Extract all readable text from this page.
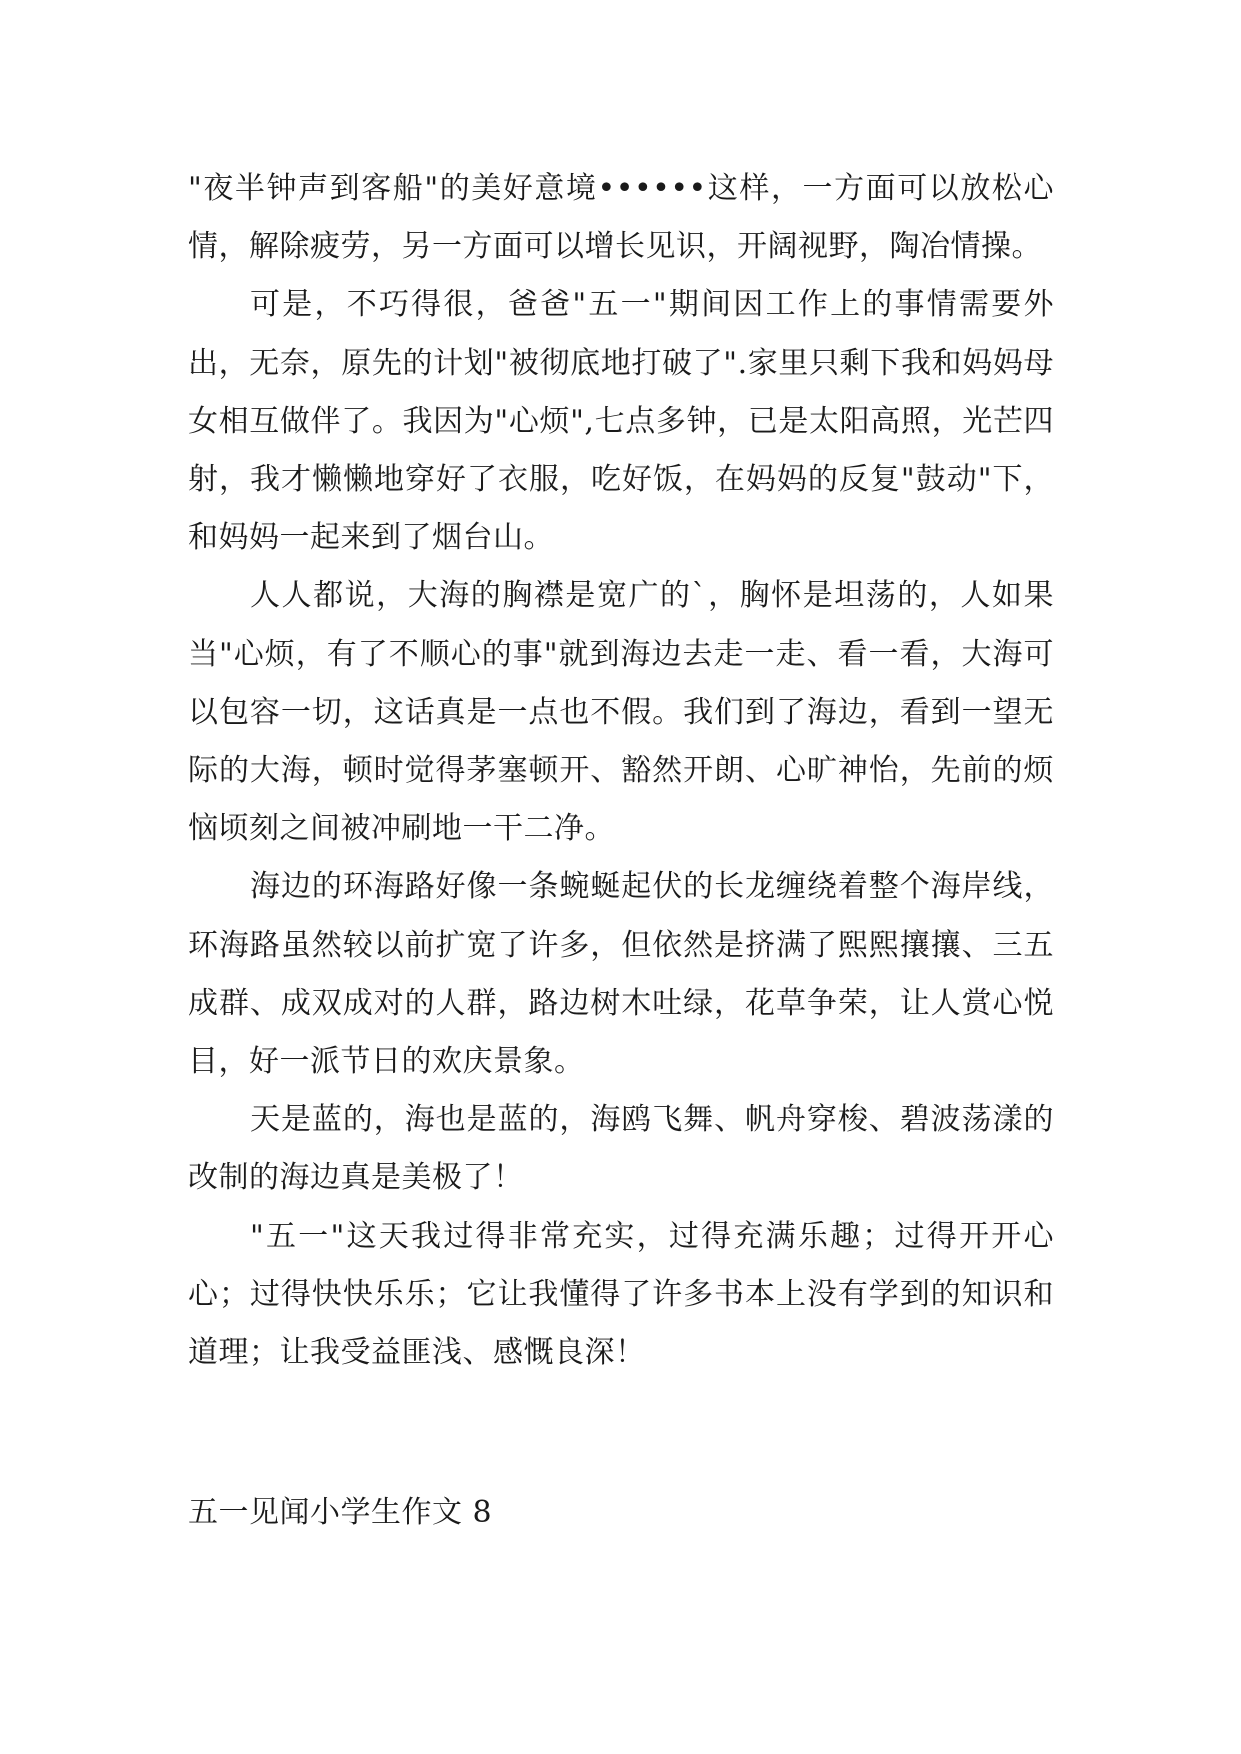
"夜半钟声到客船"的美好意境••••••这样，一方面可以放松心情，解除疲劳，另一方面可以增长见识，开阔视野，陶冶情操。

可是，不巧得很，爸爸"五一"期间因工作上的事情需要外出，无奈，原先的计划"被彻底地打破了".家里只剩下我和妈妈母女相互做伴了。我因为"心烦",七点多钟，已是太阳高照，光芒四射，我才懒懒地穿好了衣服，吃好饭，在妈妈的反复"鼓动"下，和妈妈一起来到了烟台山。

人人都说，大海的胸襟是宽广的`，胸怀是坦荡的，人如果当"心烦，有了不顺心的事"就到海边去走一走、看一看，大海可以包容一切，这话真是一点也不假。我们到了海边，看到一望无际的大海，顿时觉得茅塞顿开、豁然开朗、心旷神怡，先前的烦恼顷刻之间被冲刷地一干二净。

海边的环海路好像一条蜿蜒起伏的长龙缠绕着整个海岸线，环海路虽然较以前扩宽了许多，但依然是挤满了熙熙攘攘、三五成群、成双成对的人群，路边树木吐绿，花草争荣，让人赏心悦目，好一派节日的欢庆景象。

天是蓝的，海也是蓝的，海鸥飞舞、帆舟穿梭、碧波荡漾的改制的海边真是美极了！

"五一"这天我过得非常充实，过得充满乐趣；过得开开心心；过得快快乐乐；它让我懂得了许多书本上没有学到的知识和道理；让我受益匪浅、感慨良深！

五一见闻小学生作文 8
